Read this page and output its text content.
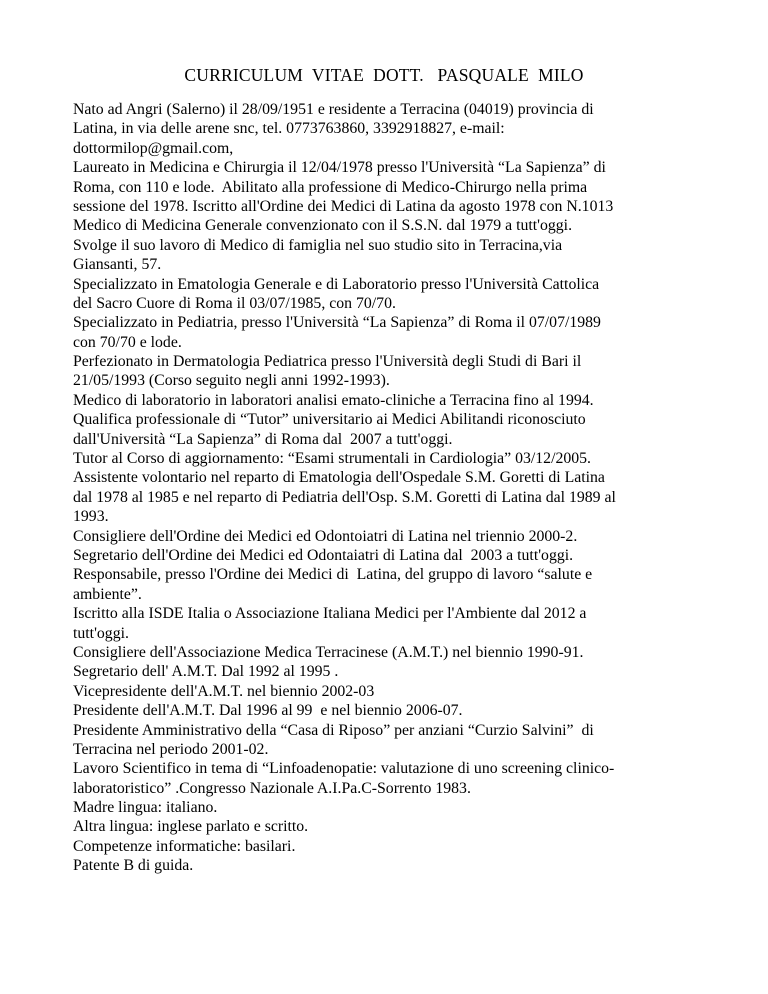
CURRICULUM  VITAE  DOTT.   PASQUALE  MILO
Nato ad Angri (Salerno) il 28/09/1951 e residente a Terracina (04019) provincia di
Latina, in via delle arene snc, tel. 0773763860, 3392918827, e-mail:
dottormilop@gmail.com,
Laureato in Medicina e Chirurgia il 12/04/1978 presso l'Università “La Sapienza” di
Roma, con 110 e lode.  Abilitato alla professione di Medico-Chirurgo nella prima
sessione del 1978. Iscritto all'Ordine dei Medici di Latina da agosto 1978 con N.1013
Medico di Medicina Generale convenzionato con il S.S.N. dal 1979 a tutt'oggi.
Svolge il suo lavoro di Medico di famiglia nel suo studio sito in Terracina,via
Giansanti, 57.
Specializzato in Ematologia Generale e di Laboratorio presso l'Università Cattolica
del Sacro Cuore di Roma il 03/07/1985, con 70/70.
Specializzato in Pediatria, presso l'Università “La Sapienza” di Roma il 07/07/1989
con 70/70 e lode.
Perfezionato in Dermatologia Pediatrica presso l'Università degli Studi di Bari il
21/05/1993 (Corso seguito negli anni 1992-1993).
Medico di laboratorio in laboratori analisi emato-cliniche a Terracina fino al 1994.
Qualifica professionale di “Tutor” universitario ai Medici Abilitandi riconosciuto
dall'Università “La Sapienza” di Roma dal  2007 a tutt'oggi.
Tutor al Corso di aggiornamento: “Esami strumentali in Cardiologia” 03/12/2005.
Assistente volontario nel reparto di Ematologia dell'Ospedale S.M. Goretti di Latina
dal 1978 al 1985 e nel reparto di Pediatria dell'Osp. S.M. Goretti di Latina dal 1989 al
1993.
Consigliere dell'Ordine dei Medici ed Odontoiatri di Latina nel triennio 2000-2.
Segretario dell'Ordine dei Medici ed Odontaiatri di Latina dal  2003 a tutt'oggi.
Responsabile, presso l'Ordine dei Medici di  Latina, del gruppo di lavoro “salute e
ambiente”.
Iscritto alla ISDE Italia o Associazione Italiana Medici per l'Ambiente dal 2012 a
tutt'oggi.
Consigliere dell'Associazione Medica Terracinese (A.M.T.) nel biennio 1990-91.
Segretario dell' A.M.T. Dal 1992 al 1995 .
Vicepresidente dell'A.M.T. nel biennio 2002-03
Presidente dell'A.M.T. Dal 1996 al 99  e nel biennio 2006-07.
Presidente Amministrativo della “Casa di Riposo” per anziani “Curzio Salvini”  di
Terracina nel periodo 2001-02.
Lavoro Scientifico in tema di “Linfoadenopatie: valutazione di uno screening clinico-
laboratoristico” .Congresso Nazionale A.I.Pa.C-Sorrento 1983.
Madre lingua: italiano.
Altra lingua: inglese parlato e scritto.
Competenze informatiche: basilari.
Patente B di guida.
